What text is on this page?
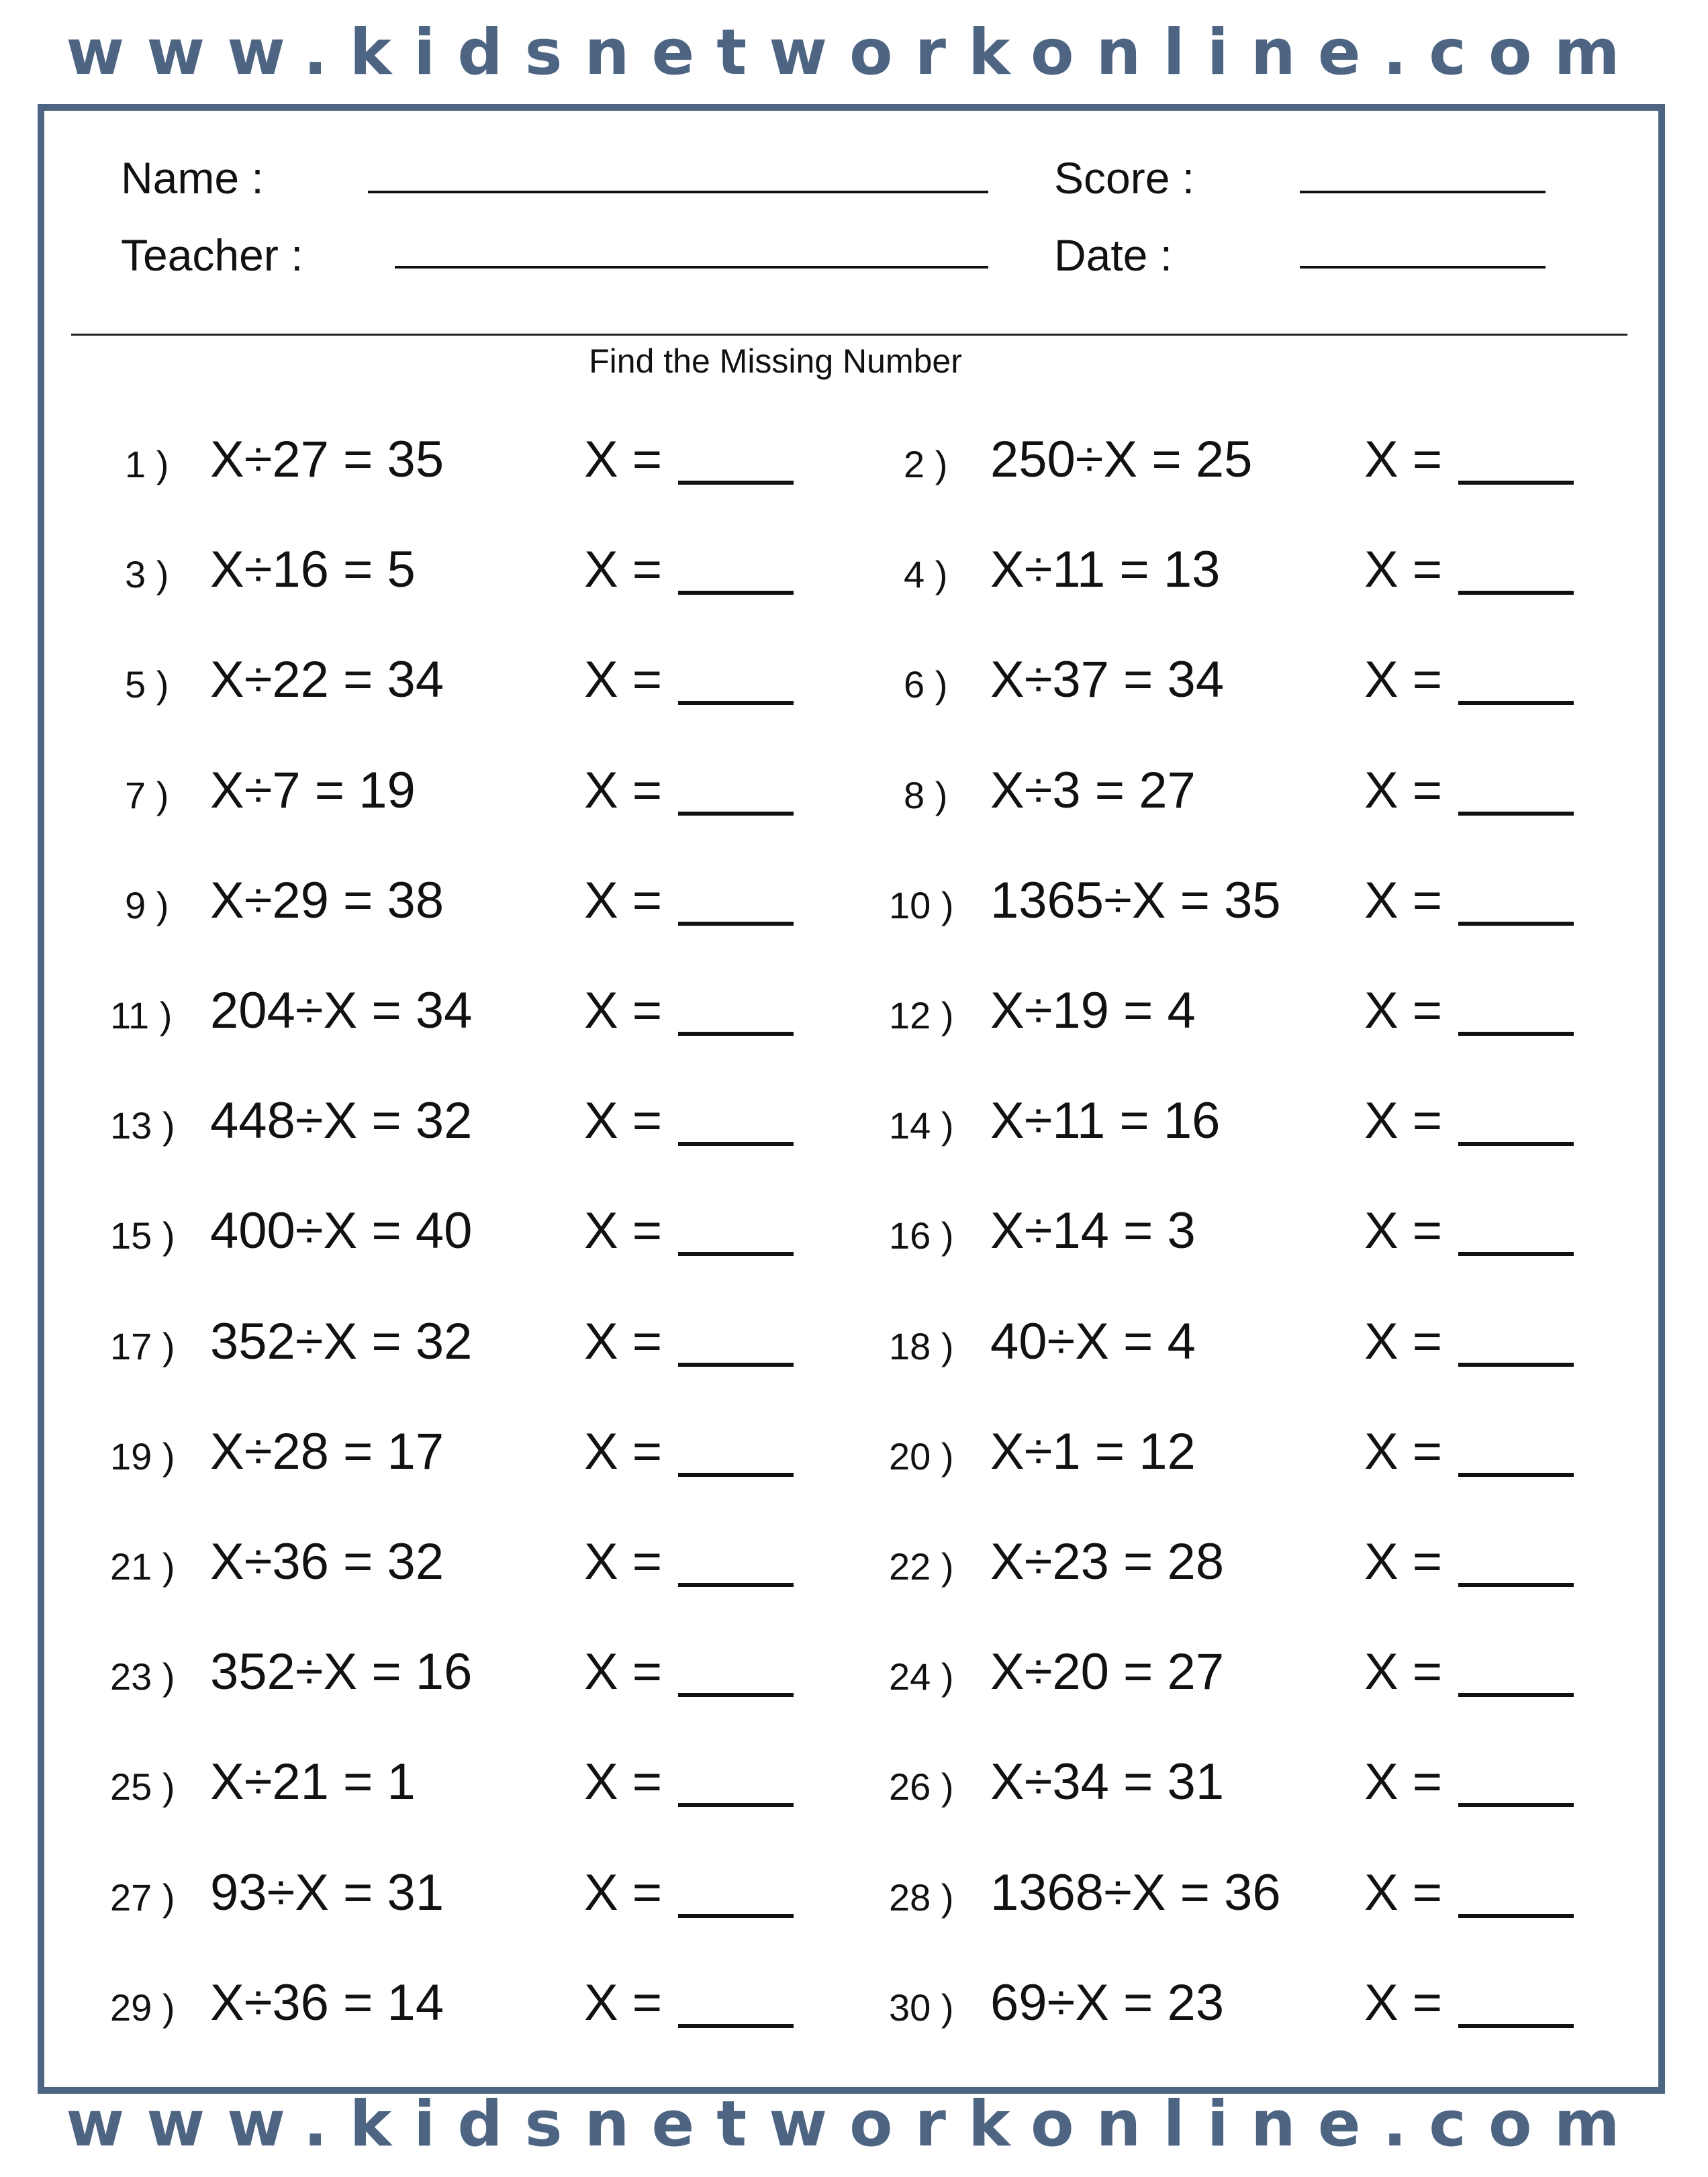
www.kidsnetworkonline.com
Name :
Teacher :
Score :
Date :
Find the Missing Number
1 ) X÷27 = 35	X =	2 ) 250÷X = 25 X =
3 ) X÷16 = 5	X =	4 ) X÷11 = 13	X =
5 ) X÷22 = 34	X =	6 ) X÷37 = 34	X =
7 ) X÷7 = 19	X =	8 ) X÷3 = 27	X =
9 ) X÷29 = 38	X =	10 ) 1365÷X = 35 X =
11 ) 204÷X = 34 X =	12 ) X÷19 = 4	X =
13 ) 448÷X = 32 X =	14 ) X÷11 = 16	X =
15 ) 400÷X = 40 X =	16 ) X÷14 = 3	X =
17 ) 352÷X = 32 X =	18 ) 40÷X = 4	X =
19 ) X÷28 = 17	X =	20 ) X÷1 = 12	X =
21 ) X÷36 = 32	X =	22 ) X÷23 = 28	X =
23 ) 352÷X = 16 X =	24 ) X÷20 = 27	X =
25 ) X÷21 = 1	X =	26 ) X÷34 = 31	X =
27 ) 93÷X = 31	X =	28 ) 1368÷X = 36 X =
29 ) X÷36 = 14	X =	30 ) 69÷X = 23	X =
www.kidsnetworkonline.com
